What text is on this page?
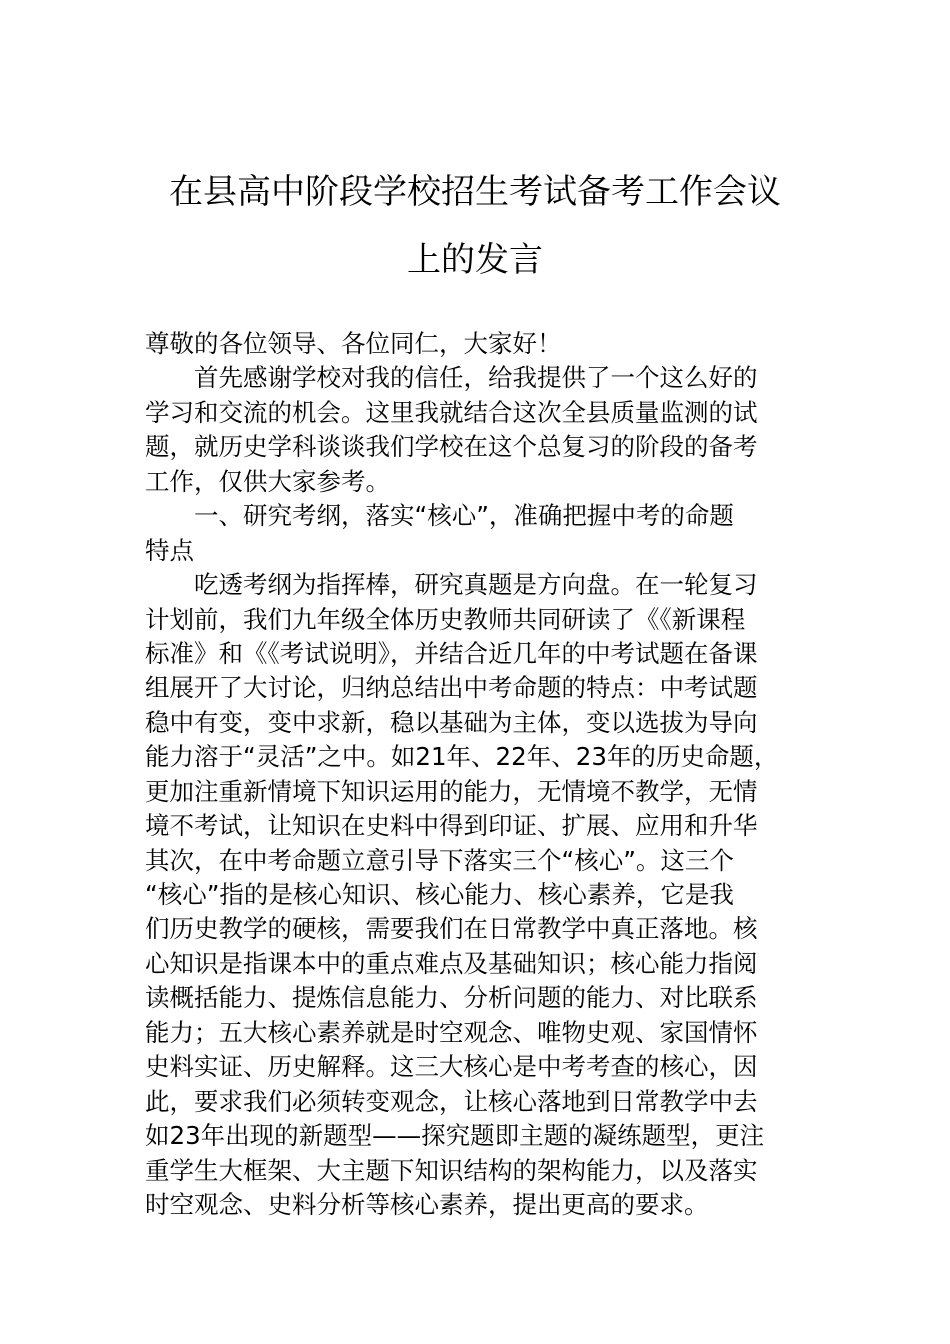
在县高中阶段学校招生考试备考工作会议
上的发言

尊敬的各位领导、各位同仁，大家好！

　　首先感谢学校对我的信任，给我提供了一个这么好的

学习和交流的机会。这里我就结合这次全县质量监测的试

题，就历史学科谈谈我们学校在这个总复习的阶段的备考

工作，仅供大家参考。

　　一、研究考纲，落实“核心”，准确把握中考的命题

特点

　　吃透考纲为指挥棒，研究真题是方向盘。在一轮复习

计划前，我们九年级全体历史教师共同研读了《《新课程

标准》和《《考试说明》，并结合近几年的中考试题在备课

组展开了大讨论，归纳总结出中考命题的特点：中考试题

稳中有变，变中求新，稳以基础为主体，变以选拔为导向

能力溶于“灵活”之中。如21年、22年、23年的历史命题，

更加注重新情境下知识运用的能力，无情境不教学，无情

境不考试，让知识在史料中得到印证、扩展、应用和升华

其次，在中考命题立意引导下落实三个“核心”。这三个

“核心”指的是核心知识、核心能力、核心素养，它是我

们历史教学的硬核，需要我们在日常教学中真正落地。核

心知识是指课本中的重点难点及基础知识；核心能力指阅

读概括能力、提炼信息能力、分析问题的能力、对比联系

能力；五大核心素养就是时空观念、唯物史观、家国情怀

史料实证、历史解释。这三大核心是中考考查的核心，因

此，要求我们必须转变观念，让核心落地到日常教学中去

如23年出现的新题型——探究题即主题的凝练题型，更注

重学生大框架、大主题下知识结构的架构能力，以及落实

时空观念、史料分析等核心素养，提出更高的要求。
